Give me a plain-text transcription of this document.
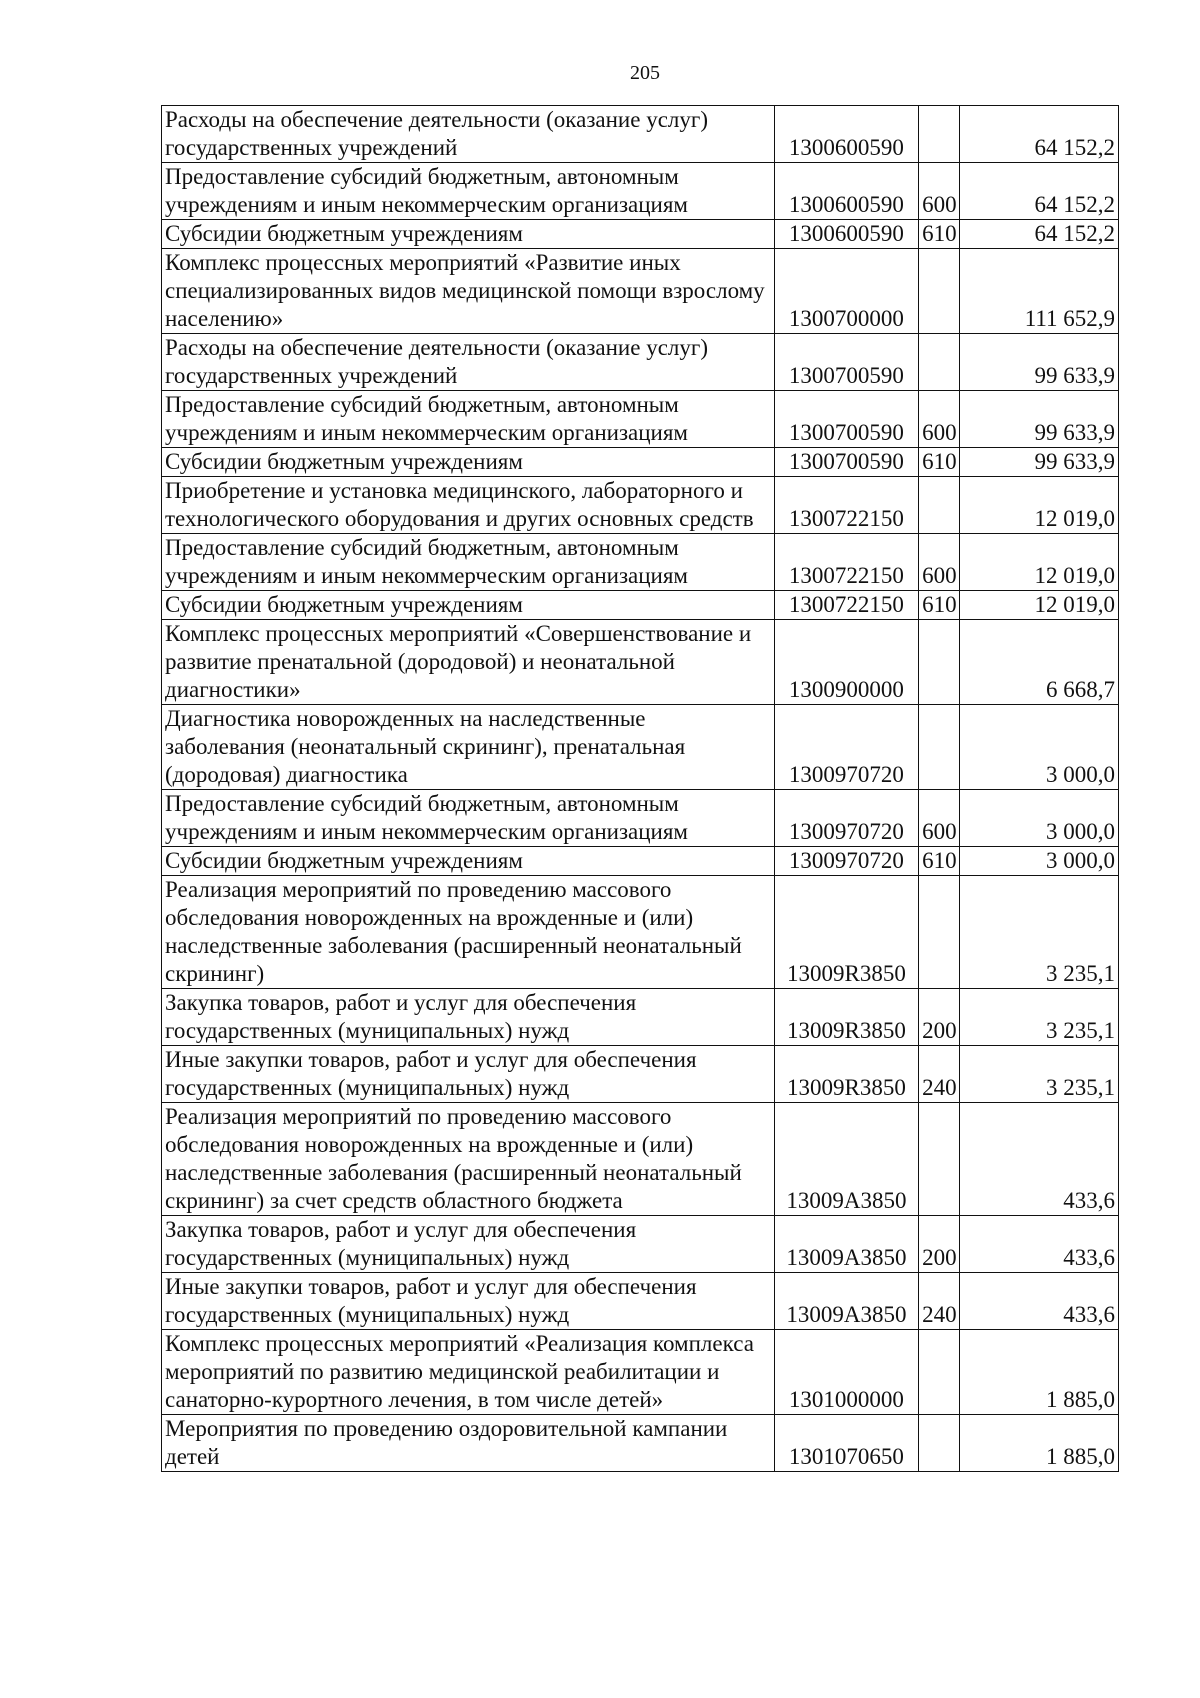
205
Расходы на обеспечение деятельности (оказание услуг) государственных учреждений	1300600590		64 152,2
Предоставление субсидий бюджетным, автономным учреждениям и иным некоммерческим организациям	1300600590	600	64 152,2
Субсидии бюджетным учреждениям	1300600590	610	64 152,2
Комплекс процессных мероприятий «Развитие иных специализированных видов медицинской помощи взрослому населению»	1300700000		111 652,9
Расходы на обеспечение деятельности (оказание услуг) государственных учреждений	1300700590		99 633,9
Предоставление субсидий бюджетным, автономным учреждениям и иным некоммерческим организациям	1300700590	600	99 633,9
Субсидии бюджетным учреждениям	1300700590	610	99 633,9
Приобретение и установка медицинского, лабораторного и технологического оборудования и других основных средств	1300722150		12 019,0
Предоставление субсидий бюджетным, автономным учреждениям и иным некоммерческим организациям	1300722150	600	12 019,0
Субсидии бюджетным учреждениям	1300722150	610	12 019,0
Комплекс процессных мероприятий «Совершенствование и развитие пренатальной (дородовой) и неонатальной диагностики»	1300900000		6 668,7
Диагностика новорожденных на наследственные заболевания (неонатальный скрининг), пренатальная (дородовая) диагностика	1300970720		3 000,0
Предоставление субсидий бюджетным, автономным учреждениям и иным некоммерческим организациям	1300970720	600	3 000,0
Субсидии бюджетным учреждениям	1300970720	610	3 000,0
Реализация мероприятий по проведению массового обследования новорожденных на врожденные и (или) наследственные заболевания (расширенный неонатальный скрининг)	13009R3850		3 235,1
Закупка товаров, работ и услуг для обеспечения государственных (муниципальных) нужд	13009R3850	200	3 235,1
Иные закупки товаров, работ и услуг для обеспечения государственных (муниципальных) нужд	13009R3850	240	3 235,1
Реализация мероприятий по проведению массового обследования новорожденных на врожденные и (или) наследственные заболевания (расширенный неонатальный скрининг) за счет средств областного бюджета	13009A3850		433,6
Закупка товаров, работ и услуг для обеспечения государственных (муниципальных) нужд	13009A3850	200	433,6
Иные закупки товаров, работ и услуг для обеспечения государственных (муниципальных) нужд	13009A3850	240	433,6
Комплекс процессных мероприятий «Реализация комплекса мероприятий по развитию медицинской реабилитации и санаторно-курортного лечения, в том числе детей»	1301000000		1 885,0
Мероприятия по проведению оздоровительной кампании детей	1301070650		1 885,0
